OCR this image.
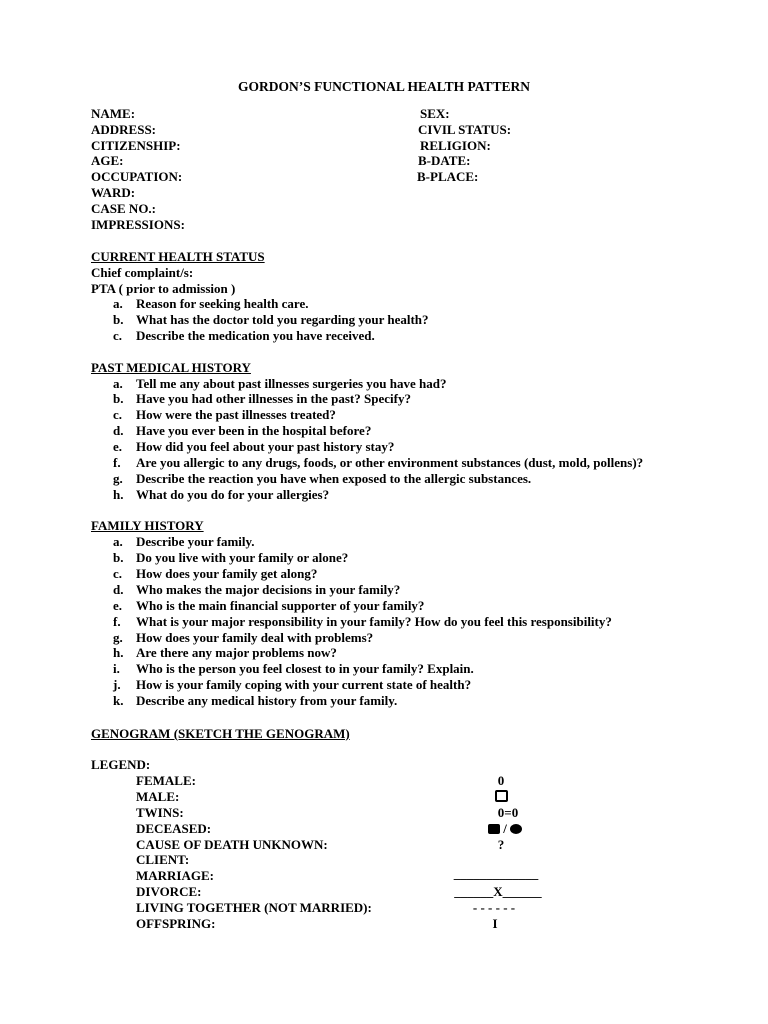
GORDON’S FUNCTIONAL HEALTH PATTERN
NAME:
ADDRESS:
CITIZENSHIP:
AGE:
OCCUPATION:
WARD:
CASE NO.:
IMPRESSIONS:
SEX:
CIVIL STATUS:
RELIGION:
B-DATE:
B-PLACE:
CURRENT HEALTH STATUS
Chief complaint/s:
PTA ( prior to admission )
a.	Reason for seeking health care.
b. What has the doctor told you regarding your health?
c.	Describe the medication you have received.
PAST MEDICAL HISTORY
a.	Tell me any about past illnesses surgeries you have had?
b. Have you had other illnesses in the past? Specify?
c.	How were the past illnesses treated?
d. Have you ever been in the hospital before?
e.	How did you feel about your past history stay?
f.	Are you allergic to any drugs, foods, or other environment substances (dust, mold, pollens)?
g.	Describe the reaction you have when exposed to the allergic substances.
h. What do you do for your allergies?
FAMILY HISTORY
a.	Describe your family.
b. Do you live with your family or alone?
c.	How does your family get along?
d. Who makes the major decisions in your family?
e.	Who is the main financial supporter of your family?
f.	What is your major responsibility in your family? How do you feel this responsibility?
g.	How does your family deal with problems?
h. Are there any major problems now?
i.	Who is the person you feel closest to in your family? Explain.
j.	How is your family coping with your current state of health?
k. Describe any medical history from your family.
GENOGRAM (SKETCH THE GENOGRAM)
LEGEND:
FEMALE:	0
MALE:
TWINS:	0=0
DECEASED:	/
CAUSE OF DEATH UNKNOWN:	?
CLIENT:
MARRIAGE:	_____________
DIVORCE:	______X______
LIVING TOGETHER (NOT MARRIED):	- - - - - -
OFFSPRING:	I
